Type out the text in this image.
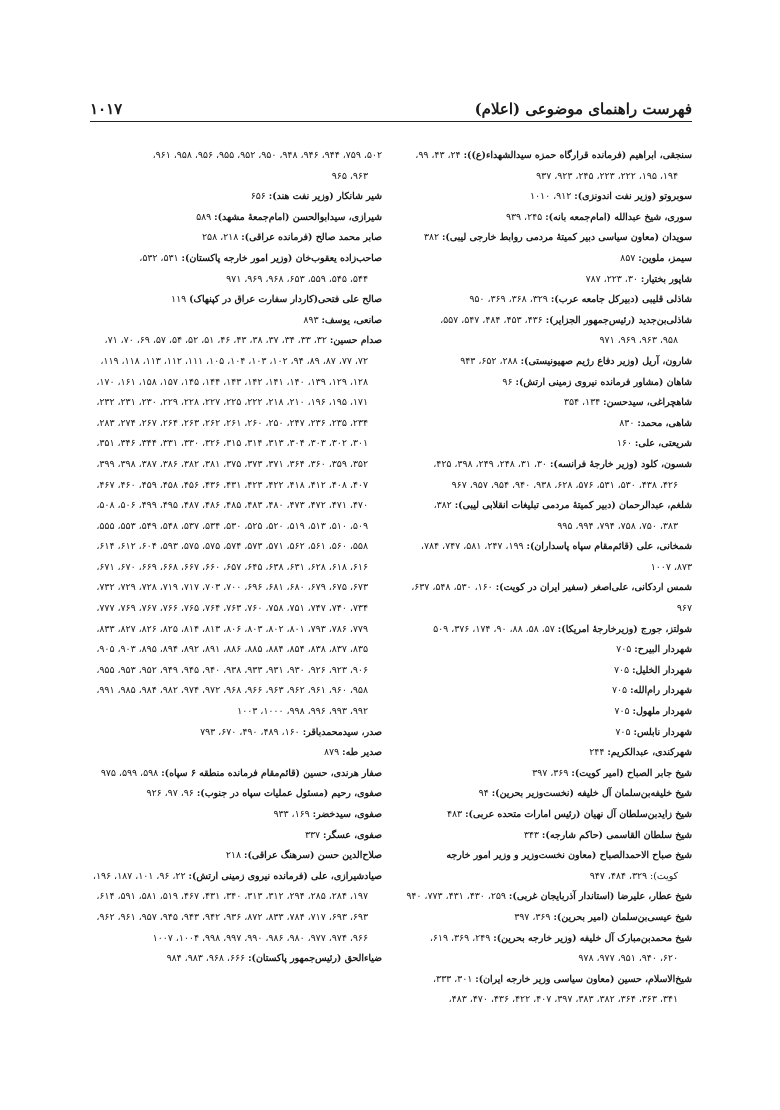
فهرست راهنمای موضوعی (اعلام)
۱۰۱۷

سنجقی، ابراهیم (فرمانده قرارگاه حمزه سیدالشهداء(ع)): ۲۴، ۴۳، ۹۹،
۱۹۴، ۱۹۵، ۲۲۲، ۲۲۳، ۲۴۵، ۹۲۳، ۹۳۷

سوبروتو (وزیر نفت اندونزی): ۹۱۲، ۱۰۱۰

سوری، شیخ عبدالله (امام‌جمعه بانه): ۲۴۵، ۹۳۹

سویدان (معاون سیاسی دبیر کمیتهٔ مردمی روابط خارجی لیبی): ۳۸۲

سیمز، ملوین: ۸۵۷

شاپور بختیار: ۳۰، ۲۲۳، ۷۸۷

شاذلی قلیبی (دبیرکل جامعه عرب): ۳۲۹، ۳۶۸، ۳۶۹، ۹۵۰

شاذلی‌بن‌جدید (رئیس‌جمهور الجزایر): ۴۳۶، ۴۵۳، ۴۸۴، ۵۴۷، ۵۵۷،
۹۵۸، ۹۶۳، ۹۶۹، ۹۷۱

شارون، آریل (وزیر دفاع رژیم صهیونیستی): ۲۸۸، ۶۵۲، ۹۴۳

شاهان (مشاور فرمانده نیروی زمینی ارتش): ۹۶

شاهچراغی، سیدحسن: ۱۳۴، ۳۵۴

شاهی، محمد: ۸۳۰

شریعتی، علی: ۱۶۰

شسون، کلود (وزیر خارجهٔ فرانسه): ۳۰، ۳۱، ۲۴۸، ۲۴۹، ۳۹۸، ۴۲۵،
۴۲۶، ۴۳۸، ۵۳۰، ۵۳۱، ۵۷۶، ۶۲۸، ۹۳۸، ۹۴۰، ۹۵۴، ۹۵۷، ۹۶۷

شلغم، عبدالرحمان (دبیر کمیتهٔ مردمی تبلیغات انقلابی لیبی): ۳۸۲،
۳۸۳، ۷۵۰، ۷۵۸، ۷۹۴، ۹۹۴، ۹۹۵

شمخانی، علی (قائم‌مقام سپاه پاسداران): ۱۹۹، ۲۴۷، ۵۸۱، ۷۴۷، ۷۸۴، ۸۷۳، ۱۰۰۷

شمس اردکانی، علی‌اصغر (سفیر ایران در کویت): ۱۶۰، ۵۳۰، ۵۴۸، ۶۳۷، ۹۶۷

شولتز، جورج (وزیرخارجهٔ امریکا): ۵۷، ۵۸، ۸۸، ۹۰، ۱۷۴، ۳۷۶، ۵۰۹

شهردار البیرح: ۷۰۵

شهردار الخلیل: ۷۰۵

شهردار رام‌الله: ۷۰۵

شهردار ملهول: ۷۰۵

شهردار نابلس: ۷۰۵

شهرکندی، عبدالکریم: ۲۴۴

شیخ جابر الصباح (امیر کویت): ۳۶۹، ۳۹۷

شیخ خلیفه‌بن‌سلمان آل خلیفه (نخست‌وزیر بحرین): ۹۴

شیخ زایدبن‌سلطان آل نهیان (رئیس امارات متحده عربی): ۴۸۳

شیخ سلطان القاسمی (حاکم شارجه): ۳۴۳

شیخ صباح الاحمدالصباح (معاون نخست‌وزیر و وزیر امور خارجه
کویت): ۳۲۹، ۴۸۴، ۹۴۷

شیخ عطار، علیرضا (استاندار آذربایجان غربی): ۲۵۹، ۴۳۰، ۴۳۱، ۷۷۳، ۹۴۰

شیخ عیسی‌بن‌سلمان (امیر بحرین): ۳۶۹، ۳۹۷

شیخ محمدبن‌مبارک آل خلیفه (وزیر خارجه بحرین): ۲۴۹، ۳۶۹، ۶۱۹،
۶۲۰، ۹۴۰، ۹۵۱، ۹۷۷، ۹۷۸

شیخ‌الاسلام، حسین (معاون سیاسی وزیر خارجه ایران): ۳۰۱، ۳۳۳،
۳۴۱، ۳۶۳، ۳۶۴، ۳۸۲، ۳۸۳، ۳۹۷، ۴۰۷، ۴۲۲، ۴۳۶، ۴۷۰، ۴۸۳،

۵۰۲، ۷۵۹، ۹۴۴، ۹۴۶، ۹۴۸، ۹۵۰، ۹۵۲، ۹۵۵، ۹۵۶، ۹۵۸، ۹۶۱،
۹۶۳، ۹۶۵

شیر شانکار (وزیر نفت هند): ۶۵۶

شیرازی، سیدابوالحسن (امام‌جمعهٔ مشهد): ۵۸۹

صابر محمد صالح (فرمانده عراقی): ۲۱۸، ۲۵۸

صاحب‌زاده یعقوب‌خان (وزیر امور خارجه پاکستان): ۵۳۱، ۵۳۲،
۵۴۴، ۵۴۵، ۵۵۹، ۶۵۳، ۹۶۸، ۹۶۹، ۹۷۱

صالح علی فتحی(کاردار سفارت عراق در کپنهاک) ۱۱۹

صانعی، یوسف: ۸۹۳

صدام حسین: ۳۲، ۳۳، ۳۴، ۳۷، ۳۸، ۴۳، ۴۶، ۵۱، ۵۲، ۵۴، ۵۷، ۶۹، ۷۰، ۷۱،
۷۲، ۷۷، ۸۷، ۸۹، ۹۴، ۱۰۲، ۱۰۳، ۱۰۴، ۱۰۵، ۱۱۱، ۱۱۲، ۱۱۳، ۱۱۸، ۱۱۹، ۱۲۸، ۱۲۹، ۱۳۹، ۱۴۰، ۱۴۱، ۱۴۲، ۱۴۳، ۱۴۴، ۱۴۵، ۱۵۷، ۱۵۸، ۱۶۱، ۱۷۰، ۱۷۱، ۱۹۵، ۱۹۶، ۲۱۰، ۲۱۸، ۲۲۲، ۲۲۵، ۲۲۷، ۲۲۸، ۲۲۹، ۲۳۰، ۲۳۱، ۲۳۲، ۲۳۴، ۲۳۵، ۲۳۶، ۲۴۷، ۲۵۰، ۲۶۰، ۲۶۱، ۲۶۲، ۲۶۳، ۲۶۴، ۲۶۷، ۲۷۴، ۲۸۳، ۳۰۱، ۳۰۲، ۳۰۳، ۳۰۴، ۳۱۳، ۳۱۴، ۳۱۵، ۳۲۶، ۳۳۰، ۳۳۱، ۳۴۴، ۳۴۶، ۳۵۱، ۳۵۲، ۳۵۹، ۳۶۰، ۳۶۴، ۳۷۱، ۳۷۳، ۳۷۵، ۳۸۱، ۳۸۲، ۳۸۶، ۳۸۷، ۳۹۸، ۳۹۹، ۴۰۷، ۴۰۸، ۴۱۲، ۴۱۸، ۴۲۲، ۴۲۳، ۴۳۱، ۴۳۶، ۴۵۶، ۴۵۸، ۴۵۹، ۴۶۰، ۴۶۷، ۴۷۰، ۴۷۱، ۴۷۲، ۴۷۳، ۴۸۰، ۴۸۳، ۴۸۵، ۴۸۶، ۴۸۷، ۴۹۵، ۴۹۹، ۵۰۶، ۵۰۸، ۵۰۹، ۵۱۰، ۵۱۳، ۵۱۹، ۵۲۰، ۵۲۵، ۵۳۰، ۵۳۴، ۵۳۷، ۵۴۸، ۵۴۹، ۵۵۳، ۵۵۵، ۵۵۸، ۵۶۰، ۵۶۱، ۵۶۲، ۵۷۱، ۵۷۳، ۵۷۴، ۵۷۵، ۵۷۵، ۵۹۳، ۶۰۴، ۶۱۲، ۶۱۴، ۶۱۶، ۶۱۸، ۶۲۸، ۶۳۱، ۶۳۸، ۶۴۵، ۶۵۷، ۶۶۰، ۶۶۷، ۶۶۸، ۶۶۹، ۶۷۰، ۶۷۱، ۶۷۳، ۶۷۵، ۶۷۹، ۶۸۰، ۶۸۱، ۶۹۶، ۷۰۰، ۷۰۳، ۷۱۷، ۷۱۹، ۷۲۸، ۷۲۹، ۷۳۲، ۷۳۴، ۷۴۰، ۷۴۷، ۷۵۱، ۷۵۸، ۷۶۰، ۷۶۳، ۷۶۴، ۷۶۵، ۷۶۶، ۷۶۷، ۷۶۹، ۷۷۷، ۷۷۹، ۷۸۶، ۷۹۳، ۸۰۱، ۸۰۲، ۸۰۳، ۸۰۶، ۸۱۳، ۸۱۴، ۸۲۵، ۸۲۶، ۸۲۷، ۸۳۳، ۸۳۵، ۸۳۷، ۸۳۸، ۸۵۴، ۸۸۴، ۸۸۵، ۸۸۶، ۸۹۱، ۸۹۲، ۸۹۴، ۸۹۵، ۹۰۳، ۹۰۵، ۹۰۶، ۹۲۳، ۹۲۶، ۹۳۰، ۹۳۱، ۹۳۳، ۹۳۸، ۹۴۰، ۹۴۵، ۹۴۹، ۹۵۲، ۹۵۳، ۹۵۵، ۹۵۸، ۹۶۰، ۹۶۱، ۹۶۲، ۹۶۳، ۹۶۶، ۹۶۸، ۹۷۲، ۹۷۴، ۹۸۲، ۹۸۴، ۹۸۵، ۹۹۱، ۹۹۲، ۹۹۳، ۹۹۶، ۹۹۸، ۱۰۰۰، ۱۰۰۳

صدر، سیدمحمدباقر: ۱۶۰، ۴۸۹، ۴۹۰، ۶۷۰، ۷۹۳

صدیر طه: ۸۷۹

صفار هرندی، حسین (قائم‌مقام فرمانده منطقه ۶ سپاه): ۵۹۸، ۵۹۹، ۹۷۵

صفوی، رحیم (مسئول عملیات سپاه در جنوب): ۹۶، ۹۷، ۹۲۶

صفوی، سیدخضر: ۱۶۹، ۹۳۳

صفوی، عسگر: ۳۳۷

صلاح‌الدین حسن (سرهنگ عراقی): ۲۱۸

صیادشیرازی، علی (فرمانده نیروی زمینی ارتش): ۲۲، ۹۶، ۱۰۱، ۱۸۷، ۱۹۶،
۱۹۷، ۲۸۴، ۲۸۵، ۲۹۴، ۳۱۲، ۳۱۳، ۳۴۰، ۴۳۱، ۴۶۷، ۵۱۹، ۵۸۱، ۵۹۱، ۶۱۴، ۶۹۳، ۶۹۳، ۷۱۷، ۷۸۴، ۸۳۳، ۸۷۲، ۹۳۶، ۹۴۲، ۹۴۳، ۹۴۵، ۹۵۷، ۹۶۱، ۹۶۲، ۹۶۶، ۹۷۴، ۹۷۷، ۹۸۰، ۹۸۶، ۹۹۰، ۹۹۷، ۹۹۸، ۱۰۰۴، ۱۰۰۷

ضیاءالحق (رئیس‌جمهور پاکستان): ۶۶۶، ۹۶۸، ۹۸۳، ۹۸۴
